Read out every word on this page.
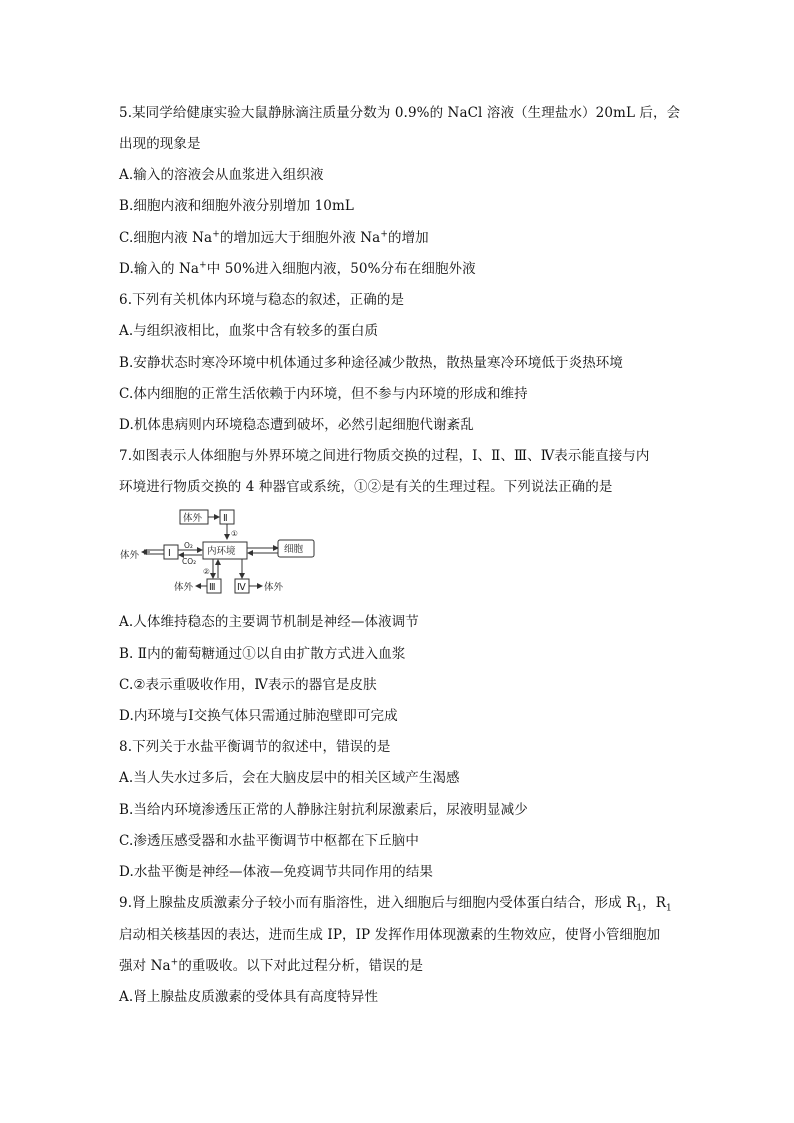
5.某同学给健康实验大鼠静脉滴注质量分数为 0.9%的 NaCl 溶液（生理盐水）20mL 后，会
出现的现象是
A.输入的溶液会从血浆进入组织液
B.细胞内液和细胞外液分别增加 10mL
C.细胞内液 Na+的增加远大于细胞外液 Na+的增加
D.输入的 Na+中 50%进入细胞内液，50%分布在细胞外液
6.下列有关机体内环境与稳态的叙述，正确的是
A.与组织液相比，血浆中含有较多的蛋白质
B.安静状态时寒冷环境中机体通过多种途径减少散热，散热量寒冷环境低于炎热环境
C.体内细胞的正常生活依赖于内环境，但不参与内环境的形成和维持
D.机体患病则内环境稳态遭到破坏，必然引起细胞代谢紊乱
7.如图表示人体细胞与外界环境之间进行物质交换的过程，Ⅰ、Ⅱ、Ⅲ、Ⅳ表示能直接与内
环境进行物质交换的 4 种器官或系统，①②是有关的生理过程。下列说法正确的是
体外 Ⅱ
①
体外	Ⅰ
O₂
CO₂
内环境	细胞
②
Ⅲ
体外	Ⅳ 体外
A.人体维持稳态的主要调节机制是神经—体液调节
B. Ⅱ内的葡萄糖通过①以自由扩散方式进入血浆
C.②表示重吸收作用，Ⅳ表示的器官是皮肤
D.内环境与Ⅰ交换气体只需通过肺泡壁即可完成
8.下列关于水盐平衡调节的叙述中，错误的是
A.当人失水过多后，会在大脑皮层中的相关区域产生渴感
B.当给内环境渗透压正常的人静脉注射抗利尿激素后，尿液明显减少
C.渗透压感受器和水盐平衡调节中枢都在下丘脑中
D.水盐平衡是神经—体液—免疫调节共同作用的结果
9.肾上腺盐皮质激素分子较小而有脂溶性，进入细胞后与细胞内受体蛋白结合，形成 $R_1$，$R_1$
启动相关核基因的表达，进而生成 IP，IP 发挥作用体现激素的生物效应，使肾小管细胞加
强对 Na+的重吸收。以下对此过程分析，错误的是
A.肾上腺盐皮质激素的受体具有高度特异性
